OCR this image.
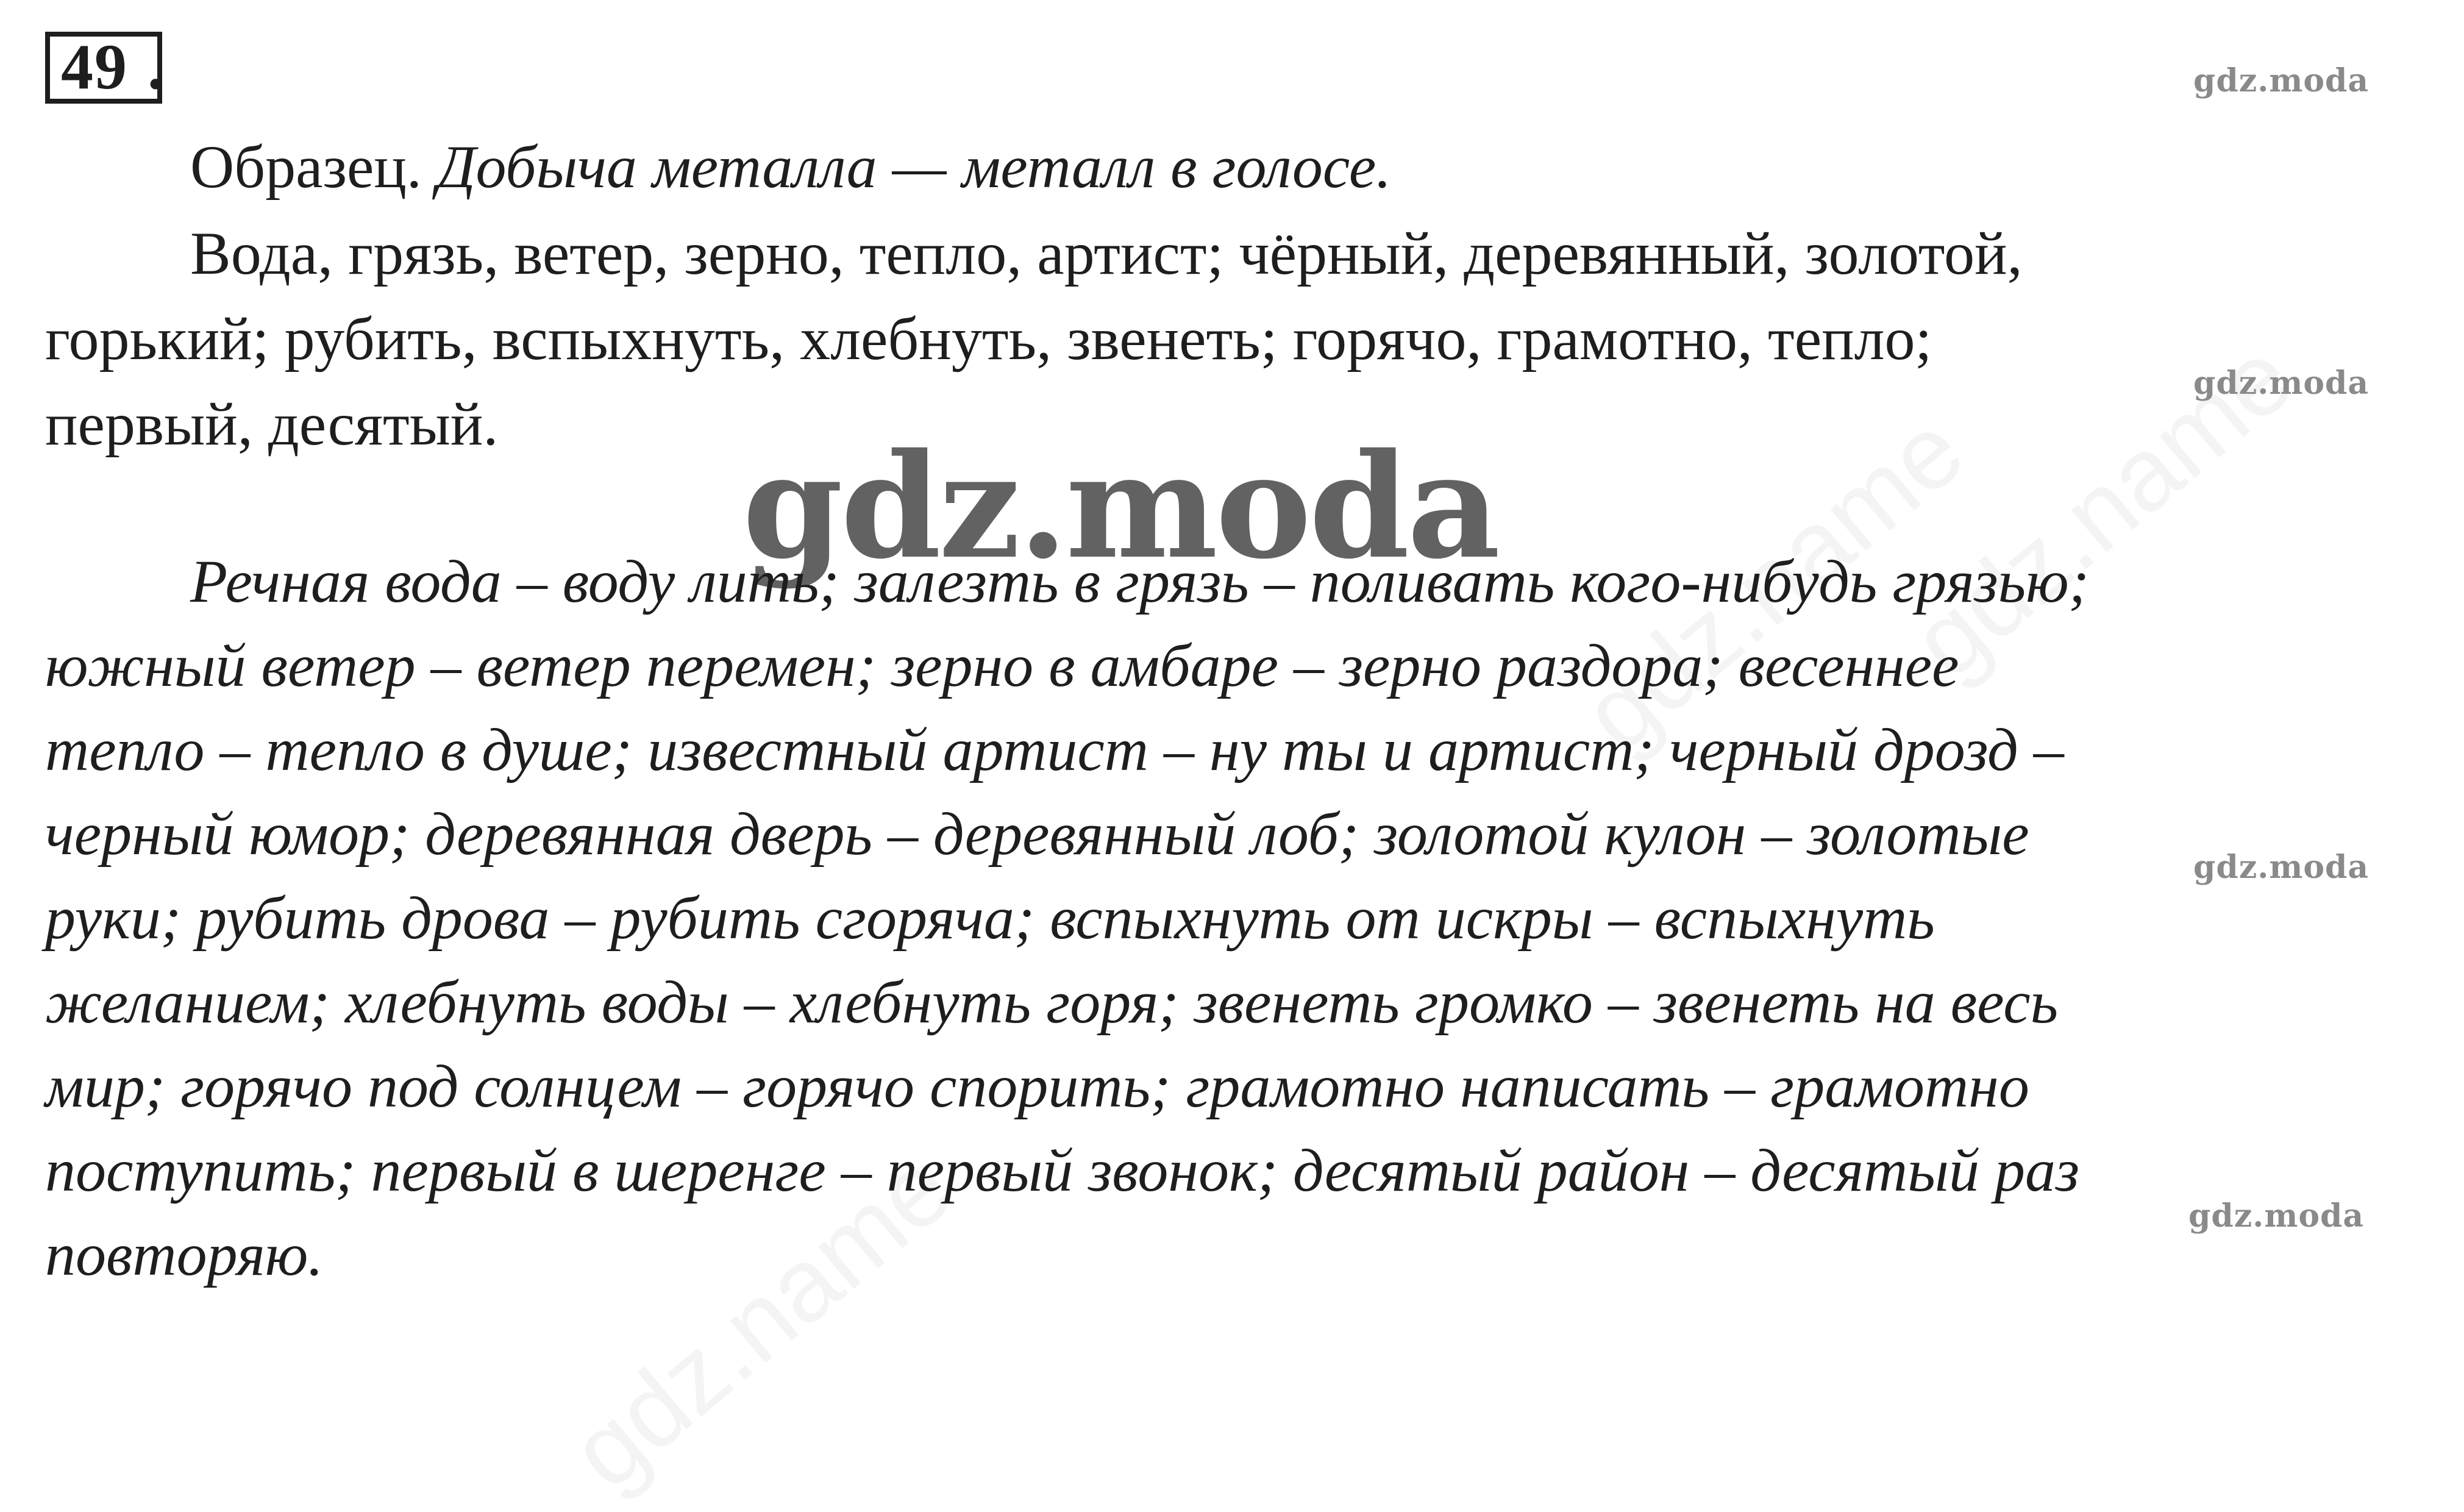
49 .	gdz.moda
gdz.moda
gdz.moda
gdz.moda
Образец. Добыча металла — металл в голосе.
Вода, грязь, ветер, зерно, тепло, артист; чёрный, деревянный, золотой,
горький; рубить, вспыхнуть, хлебнуть, звенеть; горячо, грамотно, тепло;
первый, десятый. gdz.moda
Речная вода – воду лить; залезть в грязь – поливать кого-нибудь грязью;
южный ветер – ветер перемен; зерно в амбаре – зерно раздора; весеннее
тепло – тепло в душе; известный артист – ну ты и артист; черный дрозд –
черный юмор; деревянная дверь – деревянный лоб; золотой кулон – золотые
руки; рубить дрова – рубить сгоряча; вспыхнуть от искры – вспыхнуть
желанием; хлебнуть воды – хлебнуть горя; звенеть громко – звенеть на весь
мир; горячо под солнцем – горячо спорить; грамотно написать – грамотно
поступить; первый в шеренге – первый звонок; десятый район – десятый раз
повторяю.
